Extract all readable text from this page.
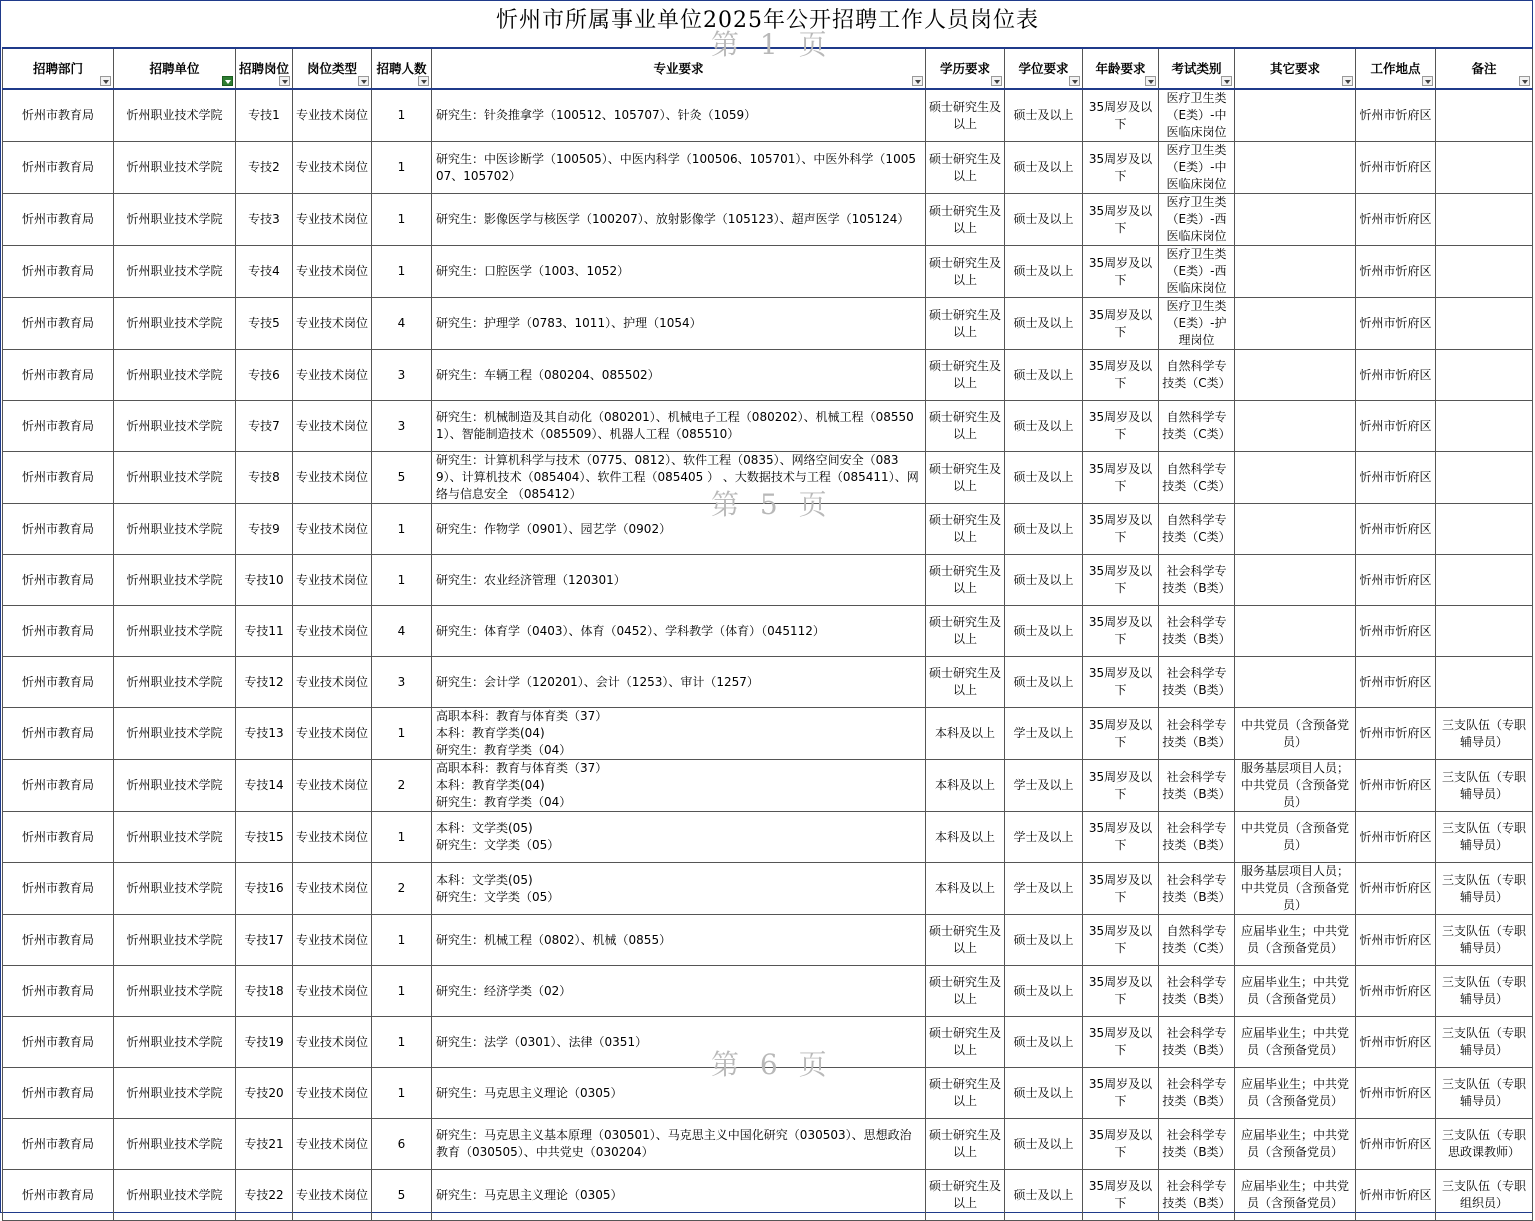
忻州市所属事业单位2025年公开招聘工作人员岗位表
第 1 页
第 5 页
第 6 页
招聘部门	招聘单位	招聘岗位	岗位类型	招聘人数	专业要求	学历要求	学位要求	年龄要求	考试类别	其它要求	工作地点	备注

忻州市教育局	忻州职业技术学院	专技1	专业技术岗位	1	研究生：针灸推拿学（100512、105707）、针灸（1059）	硕士研究生及以上	硕士及以上	35周岁及以下	医疗卫生类（E类）-中医临床岗位		忻州市忻府区	
忻州市教育局	忻州职业技术学院	专技2	专业技术岗位	1	研究生：中医诊断学（100505）、中医内科学（100506、105701）、中医外科学（100507、105702）	硕士研究生及以上	硕士及以上	35周岁及以下	医疗卫生类（E类）-中医临床岗位		忻州市忻府区	
忻州市教育局	忻州职业技术学院	专技3	专业技术岗位	1	研究生：影像医学与核医学（100207）、放射影像学（105123）、超声医学（105124）	硕士研究生及以上	硕士及以上	35周岁及以下	医疗卫生类（E类）-西医临床岗位		忻州市忻府区	
忻州市教育局	忻州职业技术学院	专技4	专业技术岗位	1	研究生：口腔医学（1003、1052）	硕士研究生及以上	硕士及以上	35周岁及以下	医疗卫生类（E类）-西医临床岗位		忻州市忻府区	
忻州市教育局	忻州职业技术学院	专技5	专业技术岗位	4	研究生：护理学（0783、1011）、护理（1054）	硕士研究生及以上	硕士及以上	35周岁及以下	医疗卫生类（E类）-护理岗位		忻州市忻府区	
忻州市教育局	忻州职业技术学院	专技6	专业技术岗位	3	研究生：车辆工程（080204、085502）	硕士研究生及以上	硕士及以上	35周岁及以下	自然科学专技类（C类）		忻州市忻府区	
忻州市教育局	忻州职业技术学院	专技7	专业技术岗位	3	研究生：机械制造及其自动化（080201）、机械电子工程（080202）、机械工程（085501）、智能制造技术（085509）、机器人工程（085510）	硕士研究生及以上	硕士及以上	35周岁及以下	自然科学专技类（C类）		忻州市忻府区	
忻州市教育局	忻州职业技术学院	专技8	专业技术岗位	5	研究生：计算机科学与技术（0775、0812）、软件工程（0835）、网络空间安全（0839）、计算机技术（085404）、软件工程（085405 ） 、大数据技术与工程（085411）、网络与信息安全 （085412）	硕士研究生及以上	硕士及以上	35周岁及以下	自然科学专技类（C类）		忻州市忻府区	
忻州市教育局	忻州职业技术学院	专技9	专业技术岗位	1	研究生：作物学（0901）、园艺学（0902）	硕士研究生及以上	硕士及以上	35周岁及以下	自然科学专技类（C类）		忻州市忻府区	
忻州市教育局	忻州职业技术学院	专技10	专业技术岗位	1	研究生：农业经济管理（120301）	硕士研究生及以上	硕士及以上	35周岁及以下	社会科学专技类（B类）		忻州市忻府区	
忻州市教育局	忻州职业技术学院	专技11	专业技术岗位	4	研究生：体育学（0403）、体育（0452）、学科教学（体育）（045112）	硕士研究生及以上	硕士及以上	35周岁及以下	社会科学专技类（B类）		忻州市忻府区	
忻州市教育局	忻州职业技术学院	专技12	专业技术岗位	3	研究生：会计学（120201）、会计（1253）、审计（1257）	硕士研究生及以上	硕士及以上	35周岁及以下	社会科学专技类（B类）		忻州市忻府区	
忻州市教育局	忻州职业技术学院	专技13	专业技术岗位	1	高职本科：教育与体育类（37）
本科：教育学类(04)
研究生：教育学类（04）	本科及以上	学士及以上	35周岁及以下	社会科学专技类（B类）	中共党员（含预备党员）	忻州市忻府区	三支队伍（专职辅导员）
忻州市教育局	忻州职业技术学院	专技14	专业技术岗位	2	高职本科：教育与体育类（37）
本科：教育学类(04)
研究生：教育学类（04）	本科及以上	学士及以上	35周岁及以下	社会科学专技类（B类）	服务基层项目人员；中共党员（含预备党员）	忻州市忻府区	三支队伍（专职辅导员）
忻州市教育局	忻州职业技术学院	专技15	专业技术岗位	1	本科：文学类(05)
研究生：文学类（05）	本科及以上	学士及以上	35周岁及以下	社会科学专技类（B类）	中共党员（含预备党员）	忻州市忻府区	三支队伍（专职辅导员）
忻州市教育局	忻州职业技术学院	专技16	专业技术岗位	2	本科：文学类(05)
研究生：文学类（05）	本科及以上	学士及以上	35周岁及以下	社会科学专技类（B类）	服务基层项目人员；中共党员（含预备党员）	忻州市忻府区	三支队伍（专职辅导员）
忻州市教育局	忻州职业技术学院	专技17	专业技术岗位	1	研究生：机械工程（0802）、机械（0855）	硕士研究生及以上	硕士及以上	35周岁及以下	自然科学专技类（C类）	应届毕业生；中共党员（含预备党员）	忻州市忻府区	三支队伍（专职辅导员）
忻州市教育局	忻州职业技术学院	专技18	专业技术岗位	1	研究生：经济学类（02）	硕士研究生及以上	硕士及以上	35周岁及以下	社会科学专技类（B类）	应届毕业生；中共党员（含预备党员）	忻州市忻府区	三支队伍（专职辅导员）
忻州市教育局	忻州职业技术学院	专技19	专业技术岗位	1	研究生：法学（0301）、法律（0351）	硕士研究生及以上	硕士及以上	35周岁及以下	社会科学专技类（B类）	应届毕业生；中共党员（含预备党员）	忻州市忻府区	三支队伍（专职辅导员）
忻州市教育局	忻州职业技术学院	专技20	专业技术岗位	1	研究生：马克思主义理论（0305）	硕士研究生及以上	硕士及以上	35周岁及以下	社会科学专技类（B类）	应届毕业生；中共党员（含预备党员）	忻州市忻府区	三支队伍（专职辅导员）
忻州市教育局	忻州职业技术学院	专技21	专业技术岗位	6	研究生：马克思主义基本原理（030501）、马克思主义中国化研究（030503）、思想政治教育（030505）、中共党史（030204）	硕士研究生及以上	硕士及以上	35周岁及以下	社会科学专技类（B类）	应届毕业生；中共党员（含预备党员）	忻州市忻府区	三支队伍（专职思政课教师）
忻州市教育局	忻州职业技术学院	专技22	专业技术岗位	5	研究生：马克思主义理论（0305）	硕士研究生及以上	硕士及以上	35周岁及以下	社会科学专技类（B类）	应届毕业生；中共党员（含预备党员）	忻州市忻府区	三支队伍（专职组织员）
